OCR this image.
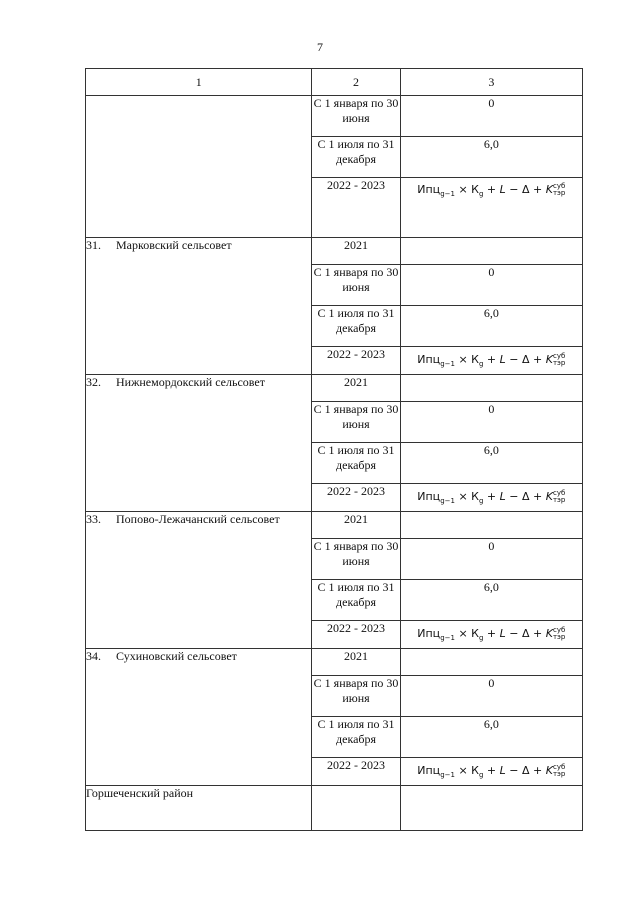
7
1	2	3
	С 1 января по 30 июня	0
	С 1 июля по 31 декабря	6,0
	2022 - 2023	$Ипц_{g-1} \times К_g + L - \Delta + K$ суб
тэр

31. Марковский сельсовет	2021	
	С 1 января по 30 июня	0
	С 1 июля по 31 декабря	6,0
	2022 - 2023	$Ипц_{g-1} \times К_g + L - \Delta + K$ суб
тэр

32. Нижнемордокский сельсовет	2021	
	С 1 января по 30 июня	0
	С 1 июля по 31 декабря	6,0
	2022 - 2023	$Ипц_{g-1} \times К_g + L - \Delta + K$ суб
тэр

33. Попово-Лежачанский сельсовет	2021	
	С 1 января по 30 июня	0
	С 1 июля по 31 декабря	6,0
	2022 - 2023	$Ипц_{g-1} \times К_g + L - \Delta + K$ суб
тэр

34. Сухиновский сельсовет	2021	
	С 1 января по 30 июня	0
	С 1 июля по 31 декабря	6,0
	2022 - 2023	$Ипц_{g-1} \times К_g + L - \Delta + K$ суб
тэр

Горшеченский район		
